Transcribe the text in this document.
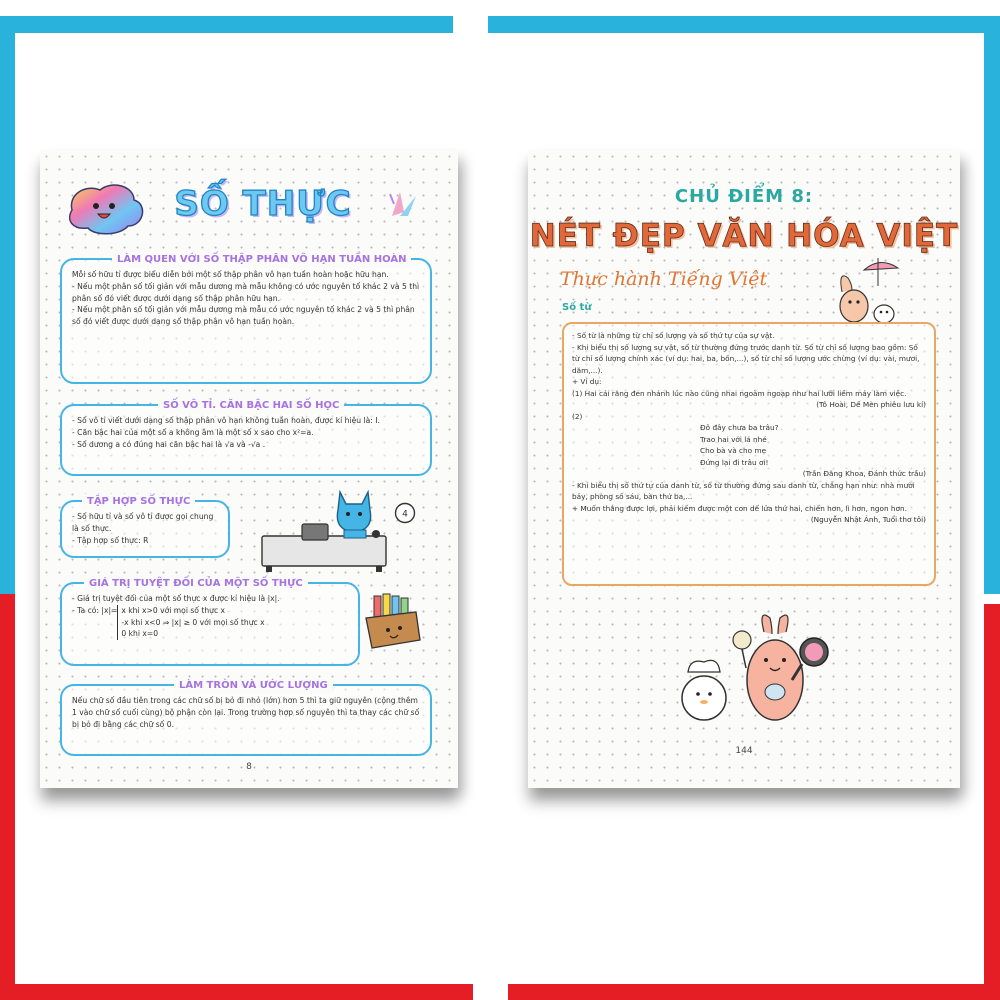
SỐ THỰC
LÀM QUEN VỚI SỐ THẬP PHÂN VÔ HẠN TUẦN HOÀN

Mỗi số hữu tỉ được biểu diễn bởi một số thập phân vô hạn tuần hoàn hoặc hữu hạn.

- Nếu một phân số tối giản với mẫu dương mà mẫu không có ước nguyên tố khác 2 và 5 thì phân số đó viết được dưới dạng số thập phân hữu hạn.

- Nếu một phân số tối giản với mẫu dương mà mẫu có ước nguyên tố khác 2 và 5 thì phân số đó viết được dưới dạng số thập phân vô hạn tuần hoàn.

SỐ VÔ TỈ. CĂN BẬC HAI SỐ HỌC

- Số vô tỉ viết dưới dạng số thập phân vô hạn không tuần hoàn, được kí hiệu là: I.

- Căn bậc hai của một số a không âm là một số x sao cho x²=a.

- Số dương a có đúng hai căn bậc hai là √a và -√a .

TẬP HỢP SỐ THỰC

- Số hữu tỉ và số vô tỉ được gọi chung là số thực.

- Tập hợp số thực: R

4
GIÁ TRỊ TUYỆT ĐỐI CỦA MỘT SỐ THỰC

- Giá trị tuyệt đối của một số thực x được kí hiệu là |x|.

- Ta có: |x|= x khi x>0 với mọi số thực x
-x khi x<0 ⇒ |x| ≥ 0 với mọi số thực x
0 khi x=0

LÀM TRÒN VÀ ƯỚC LƯỢNG

Nếu chữ số đầu tiên trong các chữ số bị bỏ đi nhỏ (lớn) hơn 5 thì ta giữ nguyên (cộng thêm 1 vào chữ số cuối cùng) bộ phận còn lại. Trong trường hợp số nguyên thì ta thay các chữ số bị bỏ đi bằng các chữ số 0.

8
CHỦ ĐIỂM 8:
NÉT ĐẸP VĂN HÓA VIỆT
Thực hành Tiếng Việt
Số từ

- Số từ là những từ chỉ số lượng và số thứ tự của sự vật.

- Khi biểu thị số lượng sự vật, số từ thường đứng trước danh từ. Số từ chỉ số lượng bao gồm: Số từ chỉ số lượng chính xác (ví dụ: hai, ba, bốn,...), số từ chỉ số lượng ước chừng (ví dụ: vài, mươi, dăm,...).

+ Ví dụ:

(1) Hai cái răng đen nhánh lúc nào cũng nhai ngoàm ngoạp như hai lưỡi liềm máy làm việc.

(Tô Hoài, Dế Mèn phiêu lưu kí)

(2)

Đô đây chưa ba trâu?
Trao hai với lá nhé
Cho bà và cho mẹ
Đứng lại đi trâu ơi!

(Trần Đăng Khoa, Đánh thức trầu)

- Khi biểu thị số thứ tự của danh từ, số từ thường đứng sau danh từ, chẳng hạn như: nhà mười bảy, phòng số sáu, bàn thứ ba,...

+ Muốn thắng được lợi, phải kiếm được một con dế lửa thứ hai, chiến hơn, lì hơn, ngon hơn.

(Nguyễn Nhật Ánh, Tuổi thơ tôi)

144
